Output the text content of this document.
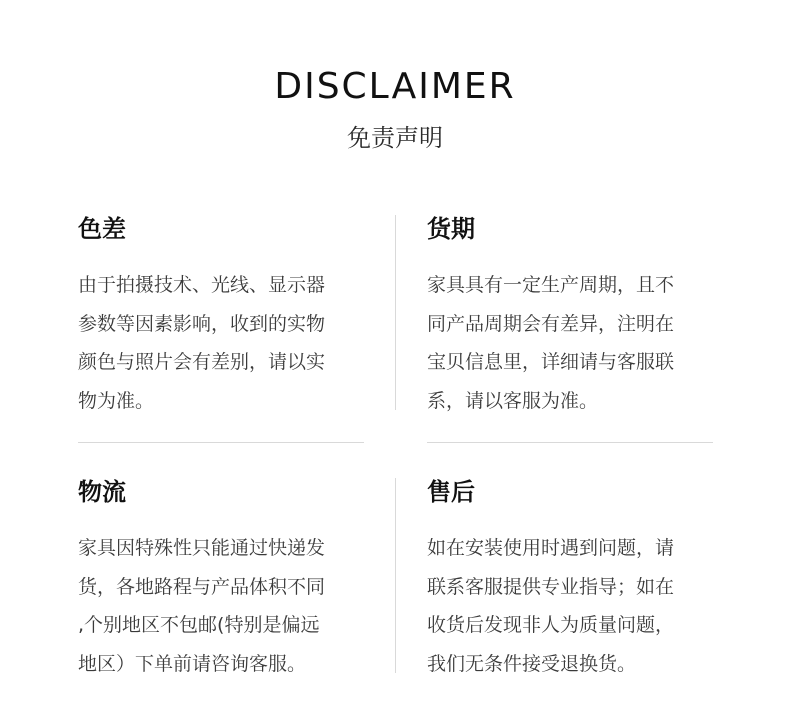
DISCLAIMER
免责声明
色差
由于拍摄技术、光线、显示器
参数等因素影响，收到的实物
颜色与照片会有差别，请以实
物为准。
货期
家具具有一定生产周期，且不
同产品周期会有差异，注明在
宝贝信息里，详细请与客服联
系，请以客服为准。
物流
家具因特殊性只能通过快递发
货，各地路程与产品体积不同
,个别地区不包邮(特别是偏远
地区）下单前请咨询客服。
售后
如在安装使用时遇到问题，请
联系客服提供专业指导；如在
收货后发现非人为质量问题，
我们无条件接受退换货。
